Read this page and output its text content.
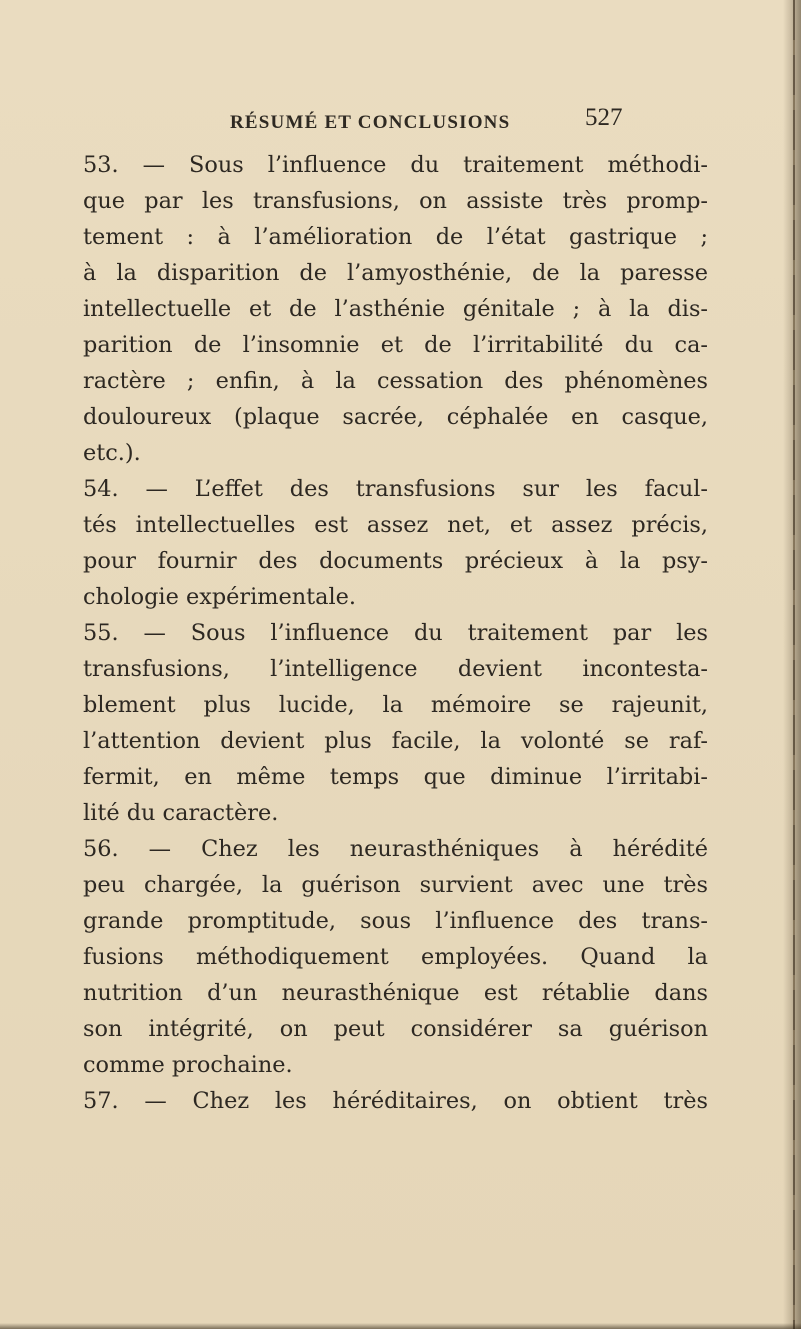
RÉSUMÉ ET CONCLUSIONS	527
53. — Sous l’influence du traitement méthodi-
que par les transfusions, on assiste très promp-
tement : à l’amélioration de l’état gastrique ;
à la disparition de l’amyosthénie, de la paresse
intellectuelle et de l’asthénie génitale ; à la dis-
parition de l’insomnie et de l’irritabilité du ca-
ractère ; enfin, à la cessation des phénomènes
douloureux (plaque sacrée, céphalée en casque,
etc.).
54. — L’effet des transfusions sur les facul-
tés intellectuelles est assez net, et assez précis,
pour fournir des documents précieux à la psy-
chologie expérimentale.
55. — Sous l’influence du traitement par les
transfusions, l’intelligence devient incontesta-
blement plus lucide, la mémoire se rajeunit,
l’attention devient plus facile, la volonté se raf-
fermit, en même temps que diminue l’irritabi-
lité du caractère.
56. — Chez les neurasthéniques à hérédité
peu chargée, la guérison survient avec une très
grande promptitude, sous l’influence des trans-
fusions méthodiquement employées. Quand la
nutrition d’un neurasthénique est rétablie dans
son intégrité, on peut considérer sa guérison
comme prochaine.
57. — Chez les héréditaires, on obtient très
